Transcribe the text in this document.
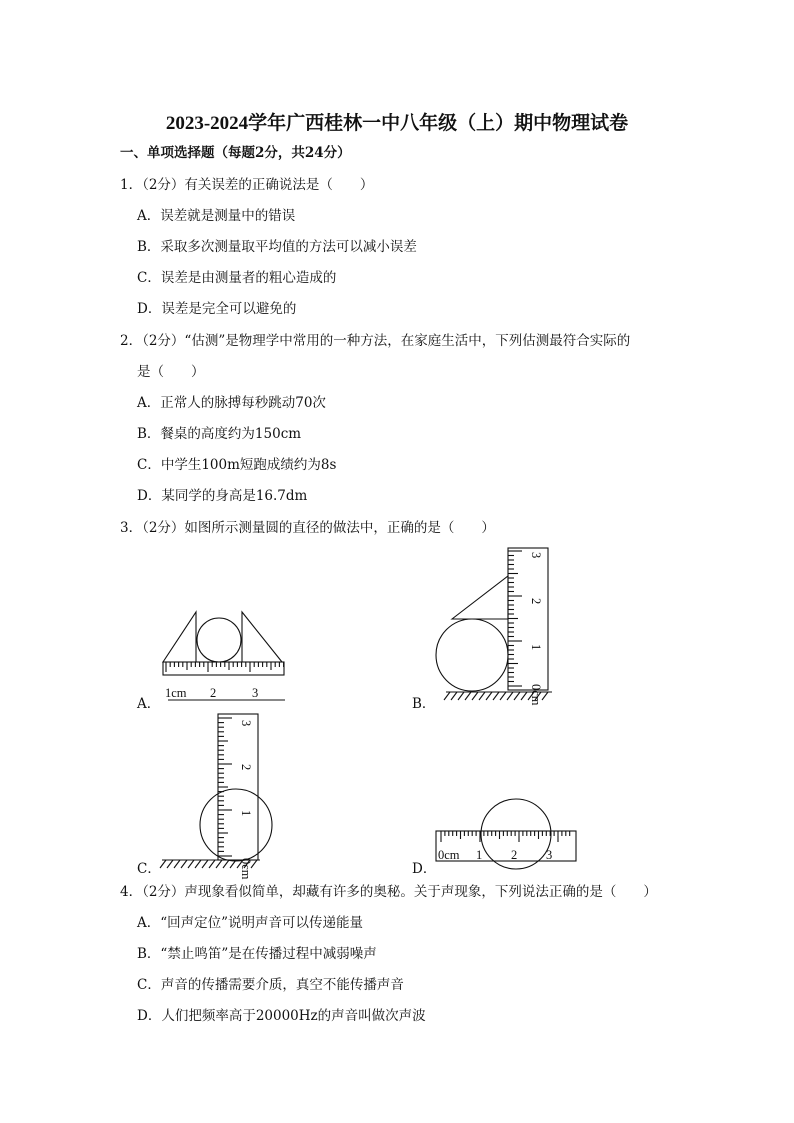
2023-2024学年广西桂林一中八年级（上）期中物理试卷
一、单项选择题（每题2分，共24分）
1．（2分）有关误差的正确说法是（　　）
A．误差就是测量中的错误
B．采取多次测量取平均值的方法可以减小误差
C．误差是由测量者的粗心造成的
D．误差是完全可以避免的
2．（2分）“估测”是物理学中常用的一种方法，在家庭生活中，下列估测最符合实际的
是（　　）
A．正常人的脉搏每秒跳动70次
B．餐桌的高度约为150cm
C．中学生100m短跑成绩约为8s
D．某同学的身高是16.7dm
3．（2分）如图所示测量圆的直径的做法中，正确的是（　　）
A．	B．
C．	D．
1cm 2	3	0cm
1
2
3
0cm
1
2
3
0cm 1 2 3
4．（2分）声现象看似简单，却藏有许多的奥秘。关于声现象，下列说法正确的是（　　）
A．“回声定位”说明声音可以传递能量
B．“禁止鸣笛”是在传播过程中减弱噪声
C．声音的传播需要介质，真空不能传播声音
D．人们把频率高于20000Hz的声音叫做次声波
